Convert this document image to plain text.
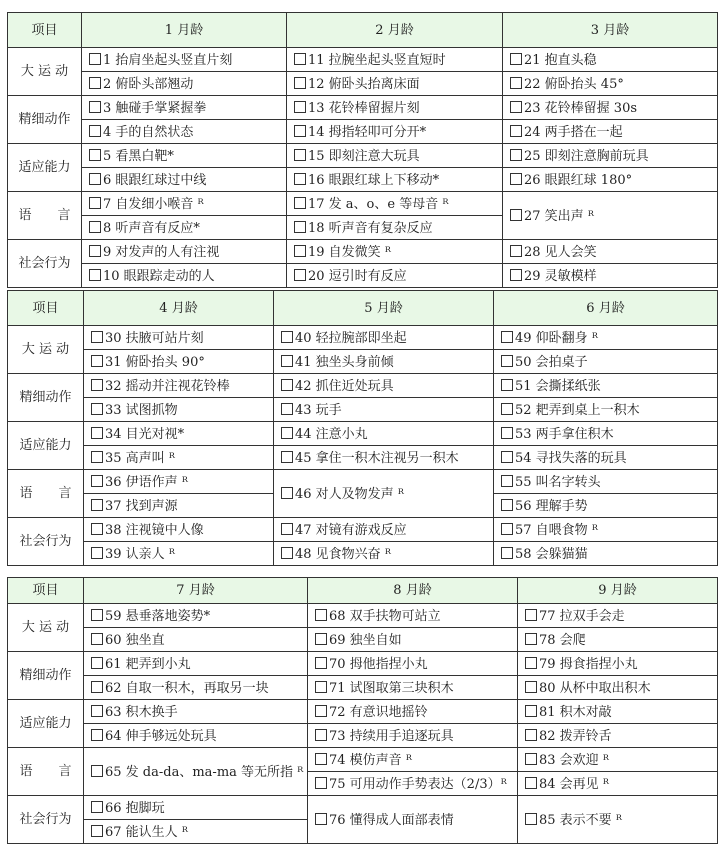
项目	1 月龄	2 月龄	3 月龄
大 运 动	1 抬肩坐起头竖直片刻	11 拉腕坐起头竖直短时	21 抱直头稳
	2 俯卧头部翘动	12 俯卧头抬离床面	22 俯卧抬头 45°
精细动作	3 触碰手掌紧握拳	13 花铃棒留握片刻	23 花铃棒留握 30s
	4 手的自然状态	14 拇指轻叩可分开*	24 两手搭在一起
适应能力	5 看黑白靶*	15 即刻注意大玩具	25 即刻注意胸前玩具
	6 眼跟红球过中线	16 眼跟红球上下移动*	26 眼跟红球 180°
语　　言	7 自发细小喉音 ᴿ	17 发 a、o、e 等母音 ᴿ	27 笑出声 ᴿ
	8 听声音有反应*	18 听声音有复杂反应	
社会行为	9 对发声的人有注视	19 自发微笑 ᴿ	28 见人会笑
	10 眼跟踪走动的人	20 逗引时有反应	29 灵敏模样
项目	4 月龄	5 月龄	6 月龄
大 运 动	30 扶腋可站片刻	40 轻拉腕部即坐起	49 仰卧翻身 ᴿ
	31 俯卧抬头 90°	41 独坐头身前倾	50 会拍桌子
精细动作	32 摇动并注视花铃棒	42 抓住近处玩具	51 会撕揉纸张
	33 试图抓物	43 玩手	52 耙弄到桌上一积木
适应能力	34 目光对视*	44 注意小丸	53 两手拿住积木
	35 高声叫 ᴿ	45 拿住一积木注视另一积木	54 寻找失落的玩具
语　　言	36 伊语作声 ᴿ	46 对人及物发声 ᴿ	55 叫名字转头
	37 找到声源		56 理解手势
社会行为	38 注视镜中人像	47 对镜有游戏反应	57 自喂食物 ᴿ
	39 认亲人 ᴿ	48 见食物兴奋 ᴿ	58 会躲猫猫
项目	7 月龄	8 月龄	9 月龄
大 运 动	59 悬垂落地姿势*	68 双手扶物可站立	77 拉双手会走
	60 独坐直	69 独坐自如	78 会爬
精细动作	61 耙弄到小丸	70 拇他指捏小丸	79 拇食指捏小丸
	62 自取一积木，再取另一块	71 试图取第三块积木	80 从杯中取出积木
适应能力	63 积木换手	72 有意识地摇铃	81 积木对敲
	64 伸手够远处玩具	73 持续用手追逐玩具	82 拨弄铃舌
语　　言	65 发 da-da、ma-ma 等无所指 ᴿ	74 模仿声音 ᴿ	83 会欢迎 ᴿ
		75 可用动作手势表达（2/3）ᴿ	84 会再见 ᴿ
社会行为	66 抱脚玩	76 懂得成人面部表情	85 表示不要 ᴿ
	67 能认生人 ᴿ		
